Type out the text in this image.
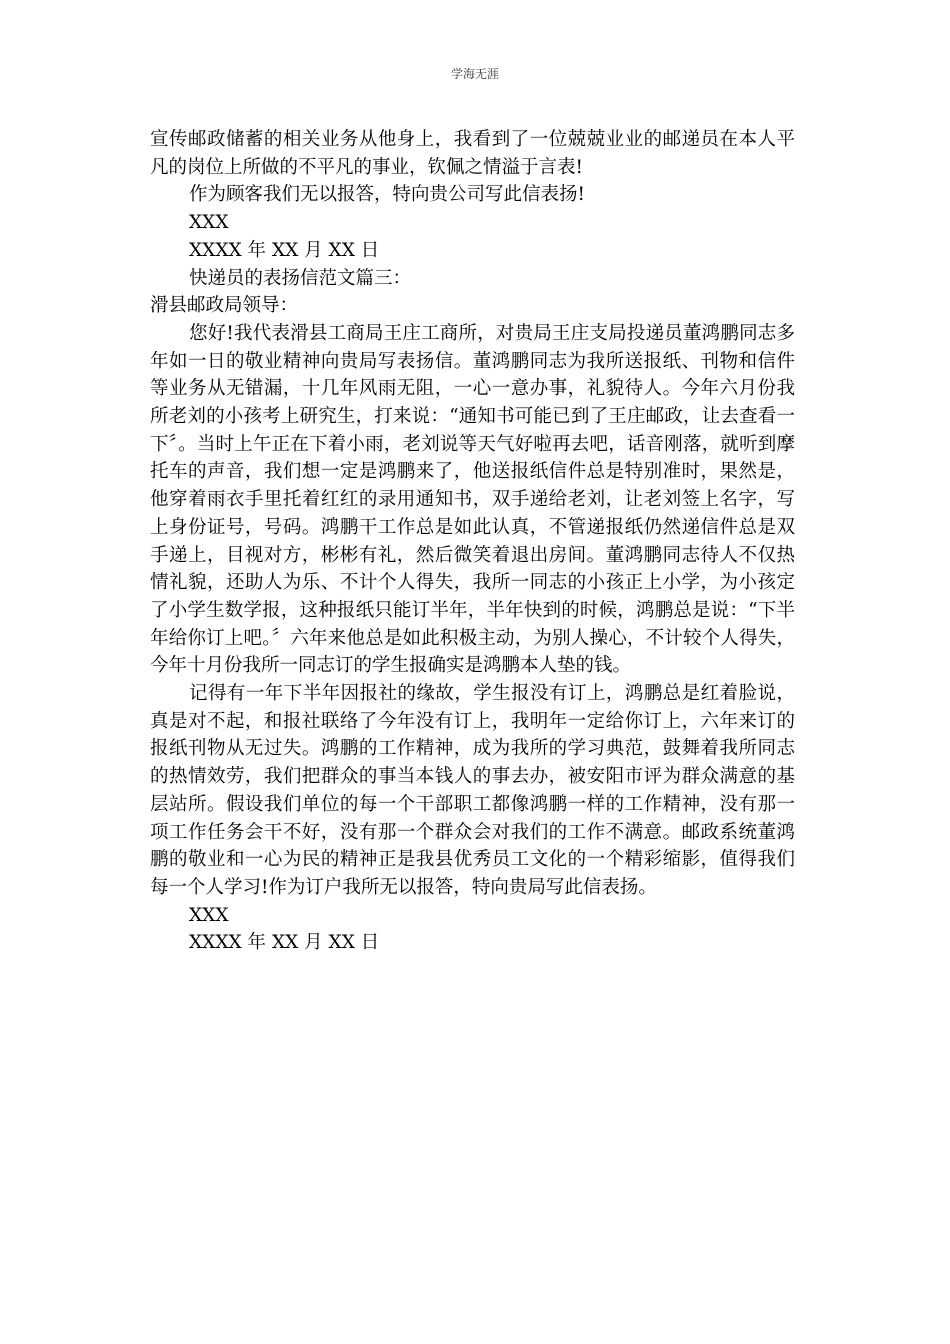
学海无涯

宣传邮政储蓄的相关业务从他身上，我看到了一位兢兢业业的邮递员在本人平凡的岗位上所做的不平凡的事业，钦佩之情溢于言表!

作为顾客我们无以报答，特向贵公司写此信表扬!

XXX

XXXX 年 XX 月 XX 日

快递员的表扬信范文篇三：

滑县邮政局领导：

您好!我代表滑县工商局王庄工商所，对贵局王庄支局投递员董鸿鹏同志多年如一日的敬业精神向贵局写表扬信。董鸿鹏同志为我所送报纸、刊物和信件等业务从无错漏，十几年风雨无阻，一心一意办事，礼貌待人。今年六月份我所老刘的小孩考上研究生，打来说：“通知书可能已到了王庄邮政，让去查看一下〞。当时上午正在下着小雨，老刘说等天气好啦再去吧，话音刚落，就听到摩托车的声音，我们想一定是鸿鹏来了，他送报纸信件总是特别准时，果然是，他穿着雨衣手里托着红红的录用通知书，双手递给老刘，让老刘签上名字，写上身份证号，号码。鸿鹏干工作总是如此认真，不管递报纸仍然递信件总是双手递上，目视对方，彬彬有礼，然后微笑着退出房间。董鸿鹏同志待人不仅热情礼貌，还助人为乐、不计个人得失，我所一同志的小孩正上小学，为小孩定了小学生数学报，这种报纸只能订半年，半年快到的时候，鸿鹏总是说：“下半年给你订上吧。〞六年来他总是如此积极主动，为别人操心，不计较个人得失，今年十月份我所一同志订的学生报确实是鸿鹏本人垫的钱。

记得有一年下半年因报社的缘故，学生报没有订上，鸿鹏总是红着脸说，真是对不起，和报社联络了今年没有订上，我明年一定给你订上，六年来订的报纸刊物从无过失。鸿鹏的工作精神，成为我所的学习典范，鼓舞着我所同志的热情效劳，我们把群众的事当本钱人的事去办，被安阳市评为群众满意的基层站所。假设我们单位的每一个干部职工都像鸿鹏一样的工作精神，没有那一项工作任务会干不好，没有那一个群众会对我们的工作不满意。邮政系统董鸿鹏的敬业和一心为民的精神正是我县优秀员工文化的一个精彩缩影，值得我们每一个人学习!作为订户我所无以报答，特向贵局写此信表扬。

XXX

XXXX 年 XX 月 XX 日
